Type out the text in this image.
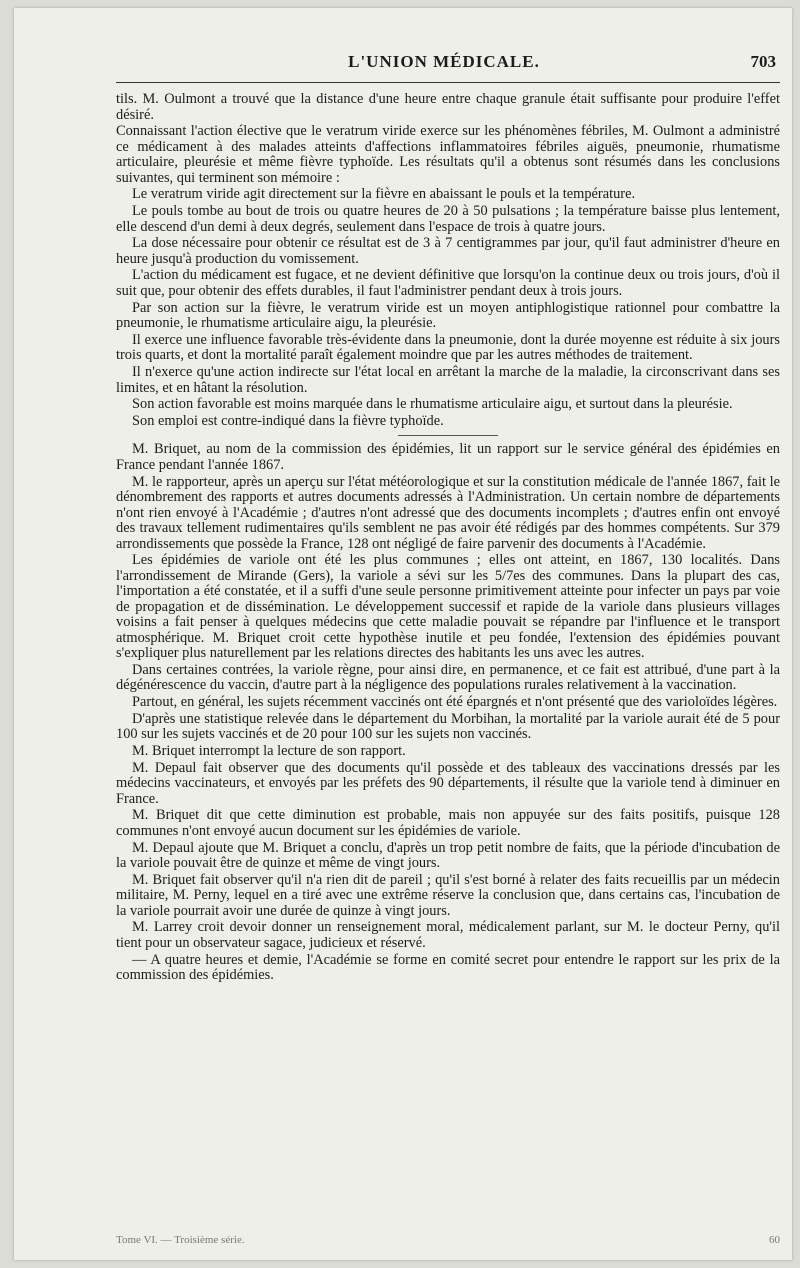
L'UNION MÉDICALE.	703

tils. M. Oulmont a trouvé que la distance d'une heure entre chaque granule était suffisante pour produire l'effet désiré.

Connaissant l'action élective que le veratrum viride exerce sur les phénomènes fébriles, M. Oulmont a administré ce médicament à des malades atteints d'affections inflammatoires fébriles aiguës, pneumonie, rhumatisme articulaire, pleurésie et même fièvre typhoïde. Les résultats qu'il a obtenus sont résumés dans les conclusions suivantes, qui terminent son mémoire :

Le veratrum viride agit directement sur la fièvre en abaissant le pouls et la température.

Le pouls tombe au bout de trois ou quatre heures de 20 à 50 pulsations ; la température baisse plus lentement, elle descend d'un demi à deux degrés, seulement dans l'espace de trois à quatre jours.

La dose nécessaire pour obtenir ce résultat est de 3 à 7 centigrammes par jour, qu'il faut administrer d'heure en heure jusqu'à production du vomissement.

L'action du médicament est fugace, et ne devient définitive que lorsqu'on la continue deux ou trois jours, d'où il suit que, pour obtenir des effets durables, il faut l'administrer pendant deux à trois jours.

Par son action sur la fièvre, le veratrum viride est un moyen antiphlogistique rationnel pour combattre la pneumonie, le rhumatisme articulaire aigu, la pleurésie.

Il exerce une influence favorable très-évidente dans la pneumonie, dont la durée moyenne est réduite à six jours trois quarts, et dont la mortalité paraît également moindre que par les autres méthodes de traitement.

Il n'exerce qu'une action indirecte sur l'état local en arrêtant la marche de la maladie, la circonscrivant dans ses limites, et en hâtant la résolution.

Son action favorable est moins marquée dans le rhumatisme articulaire aigu, et surtout dans la pleurésie.

Son emploi est contre-indiqué dans la fièvre typhoïde.

M. Briquet, au nom de la commission des épidémies, lit un rapport sur le service général des épidémies en France pendant l'année 1867.

M. le rapporteur, après un aperçu sur l'état météorologique et sur la constitution médicale de l'année 1867, fait le dénombrement des rapports et autres documents adressés à l'Administration. Un certain nombre de départements n'ont rien envoyé à l'Académie ; d'autres n'ont adressé que des documents incomplets ; d'autres enfin ont envoyé des travaux tellement rudimentaires qu'ils semblent ne pas avoir été rédigés par des hommes compétents. Sur 379 arrondissements que possède la France, 128 ont négligé de faire parvenir des documents à l'Académie.

Les épidémies de variole ont été les plus communes ; elles ont atteint, en 1867, 130 localités. Dans l'arrondissement de Mirande (Gers), la variole a sévi sur les 5/7es des communes. Dans la plupart des cas, l'importation a été constatée, et il a suffi d'une seule personne primitivement atteinte pour infecter un pays par voie de propagation et de dissémination. Le développement successif et rapide de la variole dans plusieurs villages voisins a fait penser à quelques médecins que cette maladie pouvait se répandre par l'influence et le transport atmosphérique. M. Briquet croit cette hypothèse inutile et peu fondée, l'extension des épidémies pouvant s'expliquer plus naturellement par les relations directes des habitants les uns avec les autres.

Dans certaines contrées, la variole règne, pour ainsi dire, en permanence, et ce fait est attribué, d'une part à la dégénérescence du vaccin, d'autre part à la négligence des populations rurales relativement à la vaccination.

Partout, en général, les sujets récemment vaccinés ont été épargnés et n'ont présenté que des varioloïdes légères.

D'après une statistique relevée dans le département du Morbihan, la mortalité par la variole aurait été de 5 pour 100 sur les sujets vaccinés et de 20 pour 100 sur les sujets non vaccinés.

M. Briquet interrompt la lecture de son rapport.

M. Depaul fait observer que des documents qu'il possède et des tableaux des vaccinations dressés par les médecins vaccinateurs, et envoyés par les préfets des 90 départements, il résulte que la variole tend à diminuer en France.

M. Briquet dit que cette diminution est probable, mais non appuyée sur des faits positifs, puisque 128 communes n'ont envoyé aucun document sur les épidémies de variole.

M. Depaul ajoute que M. Briquet a conclu, d'après un trop petit nombre de faits, que la période d'incubation de la variole pouvait être de quinze et même de vingt jours.

M. Briquet fait observer qu'il n'a rien dit de pareil ; qu'il s'est borné à relater des faits recueillis par un médecin militaire, M. Perny, lequel en a tiré avec une extrême réserve la conclusion que, dans certains cas, l'incubation de la variole pourrait avoir une durée de quinze à vingt jours.

M. Larrey croit devoir donner un renseignement moral, médicalement parlant, sur M. le docteur Perny, qu'il tient pour un observateur sagace, judicieux et réservé.

— A quatre heures et demie, l'Académie se forme en comité secret pour entendre le rapport sur les prix de la commission des épidémies.

Tome VI. — Troisième série.	60
